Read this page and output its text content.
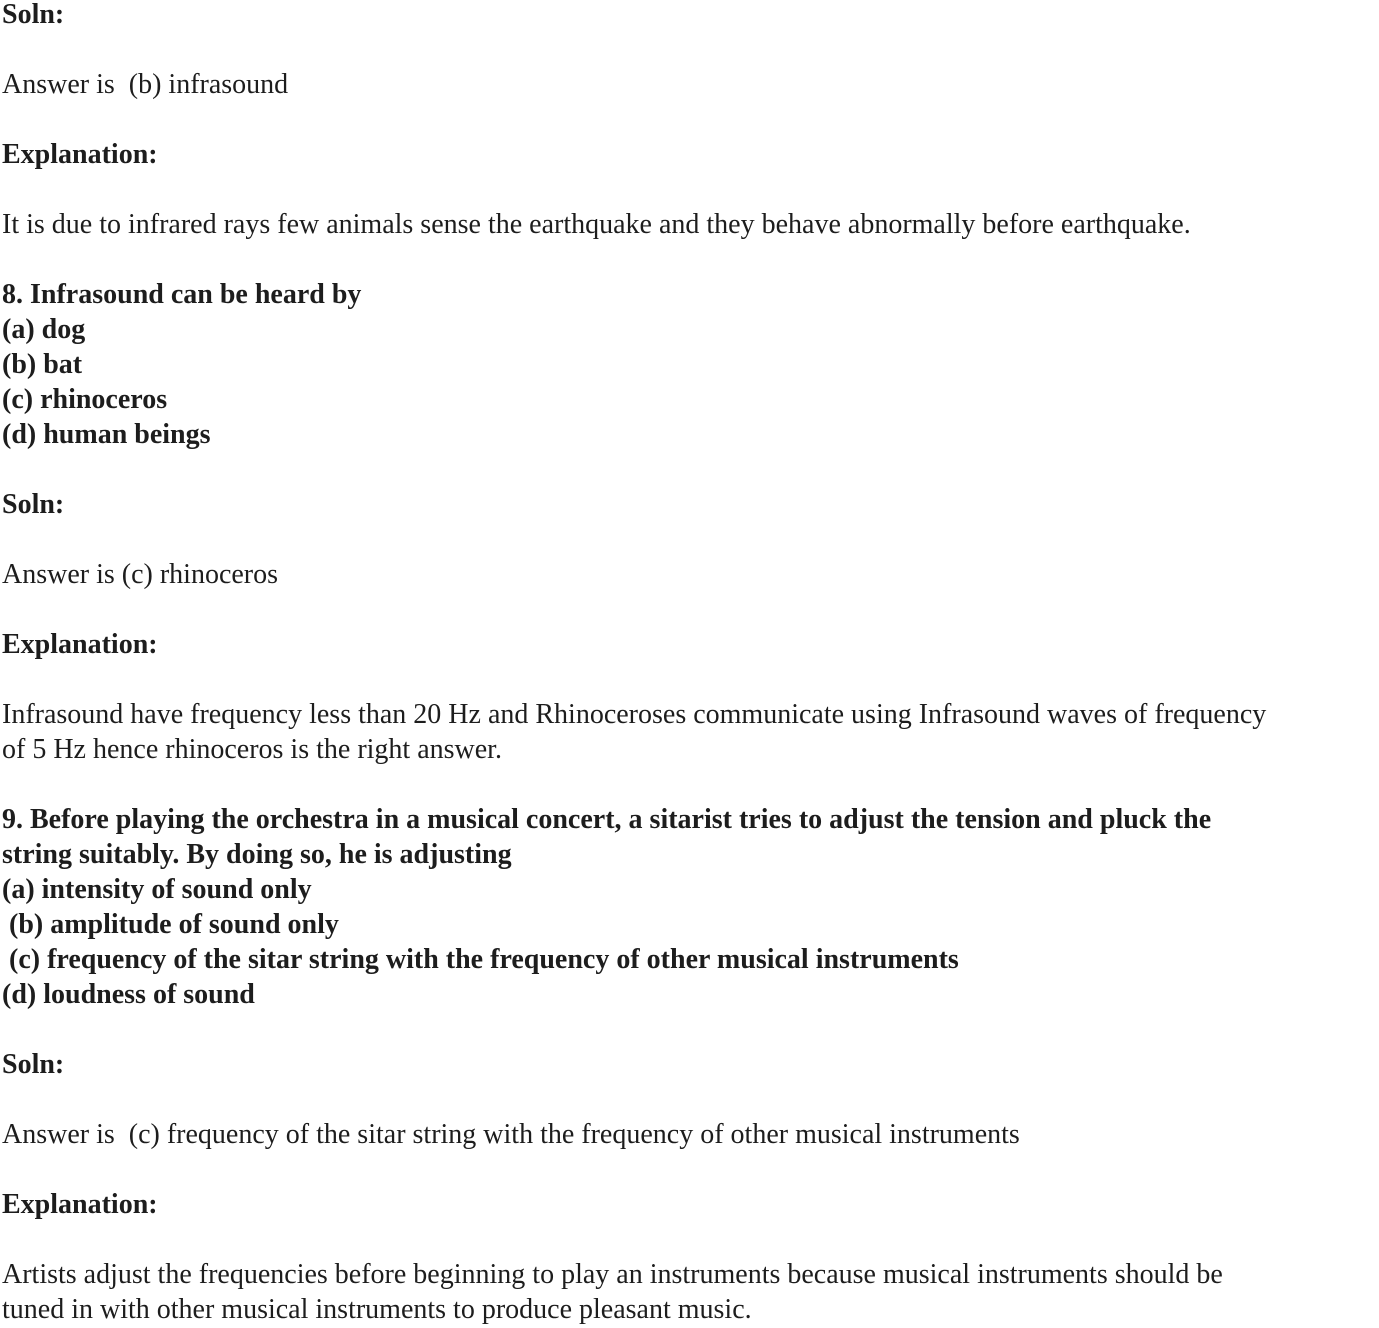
Soln:

Answer is  (b) infrasound

Explanation:

It is due to infrared rays few animals sense the earthquake and they behave abnormally before earthquake.

8. Infrasound can be heard by
(a) dog
(b) bat
(c) rhinoceros
(d) human beings

Soln:

Answer is (c) rhinoceros

Explanation:

Infrasound have frequency less than 20 Hz and Rhinoceroses communicate using Infrasound waves of frequency
of 5 Hz hence rhinoceros is the right answer.
9. Before playing the orchestra in a musical concert, a sitarist tries to adjust the tension and pluck the
string suitably. By doing so, he is adjusting
(a) intensity of sound only
(b) amplitude of sound only
(c) frequency of the sitar string with the frequency of other musical instruments
(d) loudness of sound

Soln:

Answer is  (c) frequency of the sitar string with the frequency of other musical instruments

Explanation:

Artists adjust the frequencies before beginning to play an instruments because musical instruments should be
tuned in with other musical instruments to produce pleasant music.
